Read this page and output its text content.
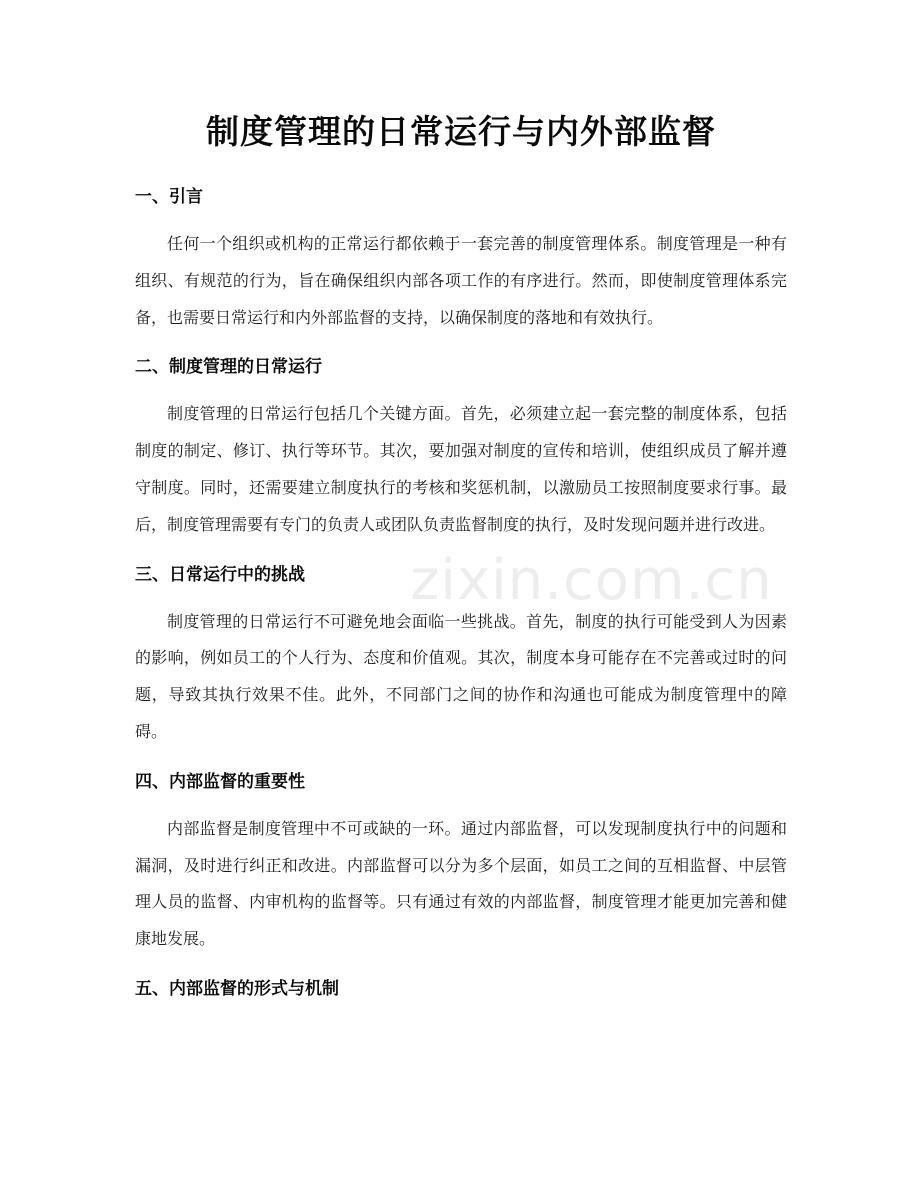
制度管理的日常运行与内外部监督
一、引言

任何一个组织或机构的正常运行都依赖于一套完善的制度管理体系。制度管理是一种有组织、有规范的行为，旨在确保组织内部各项工作的有序进行。然而，即使制度管理体系完备，也需要日常运行和内外部监督的支持，以确保制度的落地和有效执行。

二、制度管理的日常运行

制度管理的日常运行包括几个关键方面。首先，必须建立起一套完整的制度体系，包括制度的制定、修订、执行等环节。其次，要加强对制度的宣传和培训，使组织成员了解并遵守制度。同时，还需要建立制度执行的考核和奖惩机制，以激励员工按照制度要求行事。最后，制度管理需要有专门的负责人或团队负责监督制度的执行，及时发现问题并进行改进。

三、日常运行中的挑战

制度管理的日常运行不可避免地会面临一些挑战。首先，制度的执行可能受到人为因素的影响，例如员工的个人行为、态度和价值观。其次，制度本身可能存在不完善或过时的问题，导致其执行效果不佳。此外，不同部门之间的协作和沟通也可能成为制度管理中的障碍。

四、内部监督的重要性

内部监督是制度管理中不可或缺的一环。通过内部监督，可以发现制度执行中的问题和漏洞，及时进行纠正和改进。内部监督可以分为多个层面，如员工之间的互相监督、中层管理人员的监督、内审机构的监督等。只有通过有效的内部监督，制度管理才能更加完善和健康地发展。

五、内部监督的形式与机制
zixin.com.cn
